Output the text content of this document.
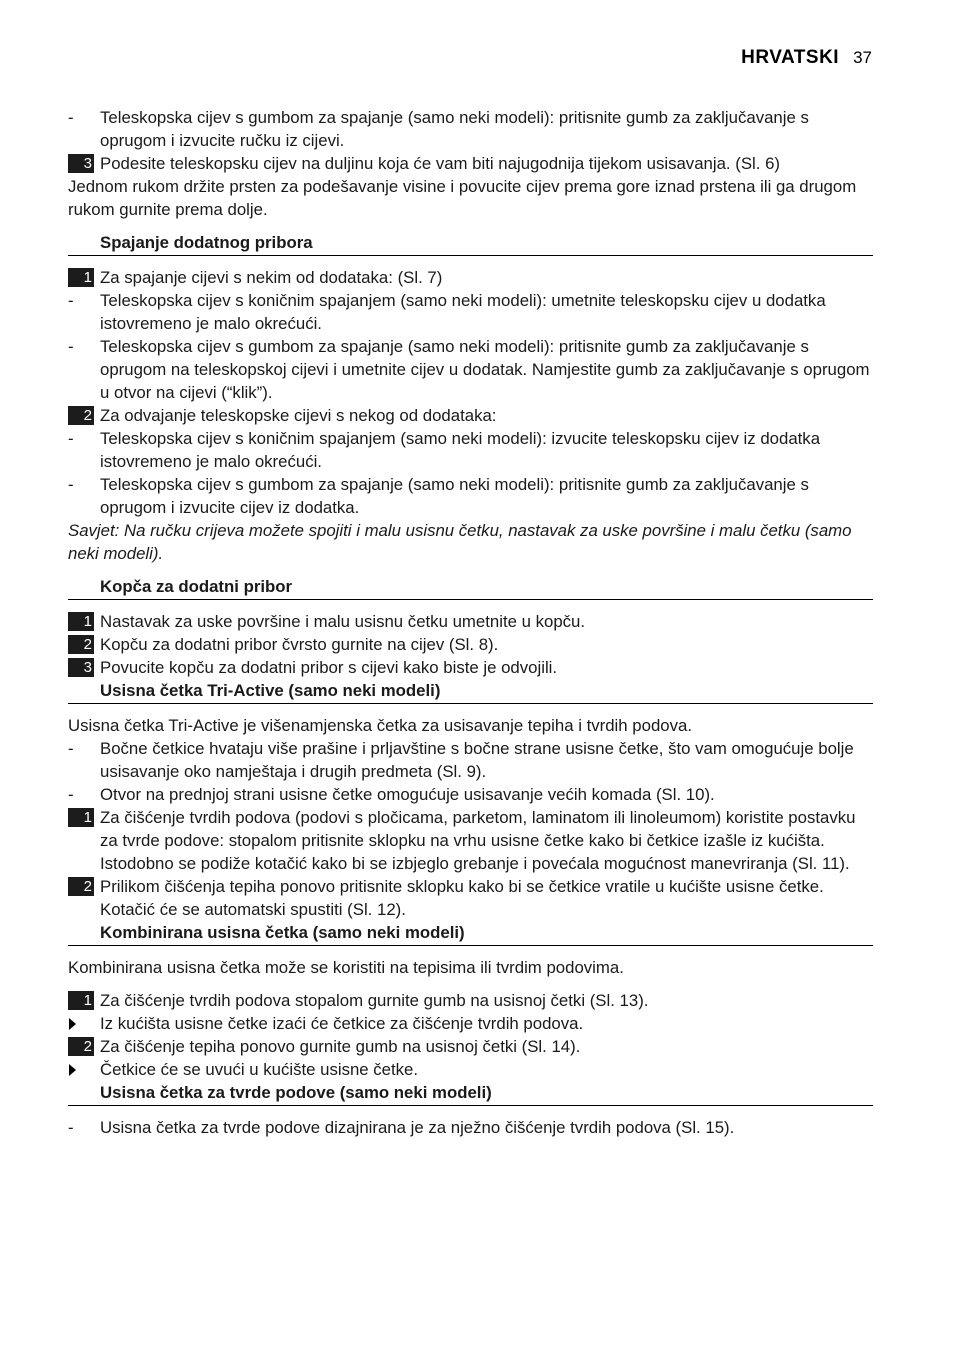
HRVATSKI 37
-	Teleskopska cijev s gumbom za spajanje (samo neki modeli): pritisnite gumb za zaključavanje s oprugom i izvucite ručku iz cijevi.
3 Podesite teleskopsku cijev na duljinu koja će vam biti najugodnija tijekom usisavanja. (Sl. 6)
Jednom rukom držite prsten za podešavanje visine i povucite cijev prema gore iznad prstena ili ga drugom rukom gurnite prema dolje.
Spajanje dodatnog pribora
1 Za spajanje cijevi s nekim od dodataka: (Sl. 7)
-	Teleskopska cijev s koničnim spajanjem (samo neki modeli): umetnite teleskopsku cijev u dodatka istovremeno je malo okrećući.
-	Teleskopska cijev s gumbom za spajanje (samo neki modeli): pritisnite gumb za zaključavanje s oprugom na teleskopskoj cijevi i umetnite cijev u dodatak. Namjestite gumb za zaključavanje s oprugom u otvor na cijevi (“klik”).
2 Za odvajanje teleskopske cijevi s nekog od dodataka:
-	Teleskopska cijev s koničnim spajanjem (samo neki modeli): izvucite teleskopsku cijev iz dodatka istovremeno je malo okrećući.
-	Teleskopska cijev s gumbom za spajanje (samo neki modeli): pritisnite gumb za zaključavanje s oprugom i izvucite cijev iz dodatka.
Savjet: Na ručku crijeva možete spojiti i malu usisnu četku, nastavak za uske površine i malu četku (samo neki modeli).
Kopča za dodatni pribor
1 Nastavak za uske površine i malu usisnu četku umetnite u kopču.
2 Kopču za dodatni pribor čvrsto gurnite na cijev (Sl. 8).
3 Povucite kopču za dodatni pribor s cijevi kako biste je odvojili.
Usisna četka Tri-Active (samo neki modeli)
Usisna četka Tri-Active je višenamjenska četka za usisavanje tepiha i tvrdih podova.
-	Bočne četkice hvataju više prašine i prljavštine s bočne strane usisne četke, što vam omogućuje bolje usisavanje oko namještaja i drugih predmeta (Sl. 9).
-	Otvor na prednjoj strani usisne četke omogućuje usisavanje većih komada (Sl. 10).
1 Za čišćenje tvrdih podova (podovi s pločicama, parketom, laminatom ili linoleumom) koristite postavku za tvrde podove: stopalom pritisnite sklopku na vrhu usisne četke kako bi četkice izašle iz kućišta. Istodobno se podiže kotačić kako bi se izbjeglo grebanje i povećala mogućnost manevriranja (Sl. 11).
2 Prilikom čišćenja tepiha ponovo pritisnite sklopku kako bi se četkice vratile u kućište usisne četke. Kotačić će se automatski spustiti (Sl. 12).
Kombinirana usisna četka (samo neki modeli)
Kombinirana usisna četka može se koristiti na tepisima ili tvrdim podovima.
1 Za čišćenje tvrdih podova stopalom gurnite gumb na usisnoj četki (Sl. 13).
Iz kućišta usisne četke izaći će četkice za čišćenje tvrdih podova.
2 Za čišćenje tepiha ponovo gurnite gumb na usisnoj četki (Sl. 14).
Četkice će se uvući u kućište usisne četke.
Usisna četka za tvrde podove (samo neki modeli)
-	Usisna četka za tvrde podove dizajnirana je za nježno čišćenje tvrdih podova (Sl. 15).
